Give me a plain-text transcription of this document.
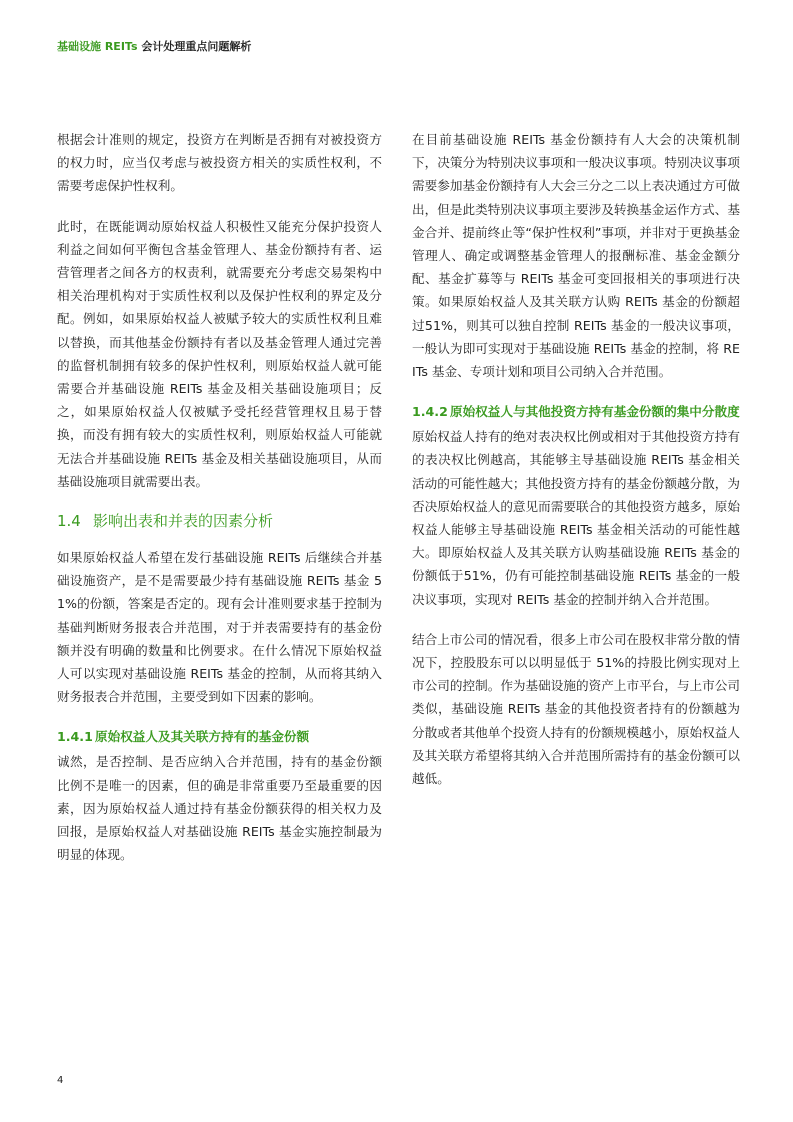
基础设施 REITs 会计处理重点问题解析

根据会计准则的规定，投资方在判断是否拥有对被投资方的权力时，应当仅考虑与被投资方相关的实质性权利，不需要考虑保护性权利。

此时，在既能调动原始权益人积极性又能充分保护投资人利益之间如何平衡包含基金管理人、基金份额持有者、运营管理者之间各方的权责利，就需要充分考虑交易架构中相关治理机构对于实质性权利以及保护性权利的界定及分配。例如，如果原始权益人被赋予较大的实质性权利且难以替换，而其他基金份额持有者以及基金管理人通过完善的监督机制拥有较多的保护性权利，则原始权益人就可能需要合并基础设施 REITs 基金及相关基础设施项目；反之，如果原始权益人仅被赋予受托经营管理权且易于替换，而没有拥有较大的实质性权利，则原始权益人可能就无法合并基础设施 REITs 基金及相关基础设施项目，从而基础设施项目就需要出表。

1.4 影响出表和并表的因素分析

如果原始权益人希望在发行基础设施 REITs 后继续合并基础设施资产，是不是需要最少持有基础设施 REITs 基金 51%的份额，答案是否定的。现有会计准则要求基于控制为基础判断财务报表合并范围，对于并表需要持有的基金份额并没有明确的数量和比例要求。在什么情况下原始权益人可以实现对基础设施 REITs 基金的控制，从而将其纳入财务报表合并范围，主要受到如下因素的影响。

1.4.1 原始权益人及其关联方持有的基金份额

诚然，是否控制、是否应纳入合并范围，持有的基金份额比例不是唯一的因素，但的确是非常重要乃至最重要的因素，因为原始权益人通过持有基金份额获得的相关权力及回报，是原始权益人对基础设施 REITs 基金实施控制最为明显的体现。

在目前基础设施 REITs 基金份额持有人大会的决策机制下，决策分为特别决议事项和一般决议事项。特别决议事项需要参加基金份额持有人大会三分之二以上表决通过方可做出，但是此类特别决议事项主要涉及转换基金运作方式、基金合并、提前终止等“保护性权利”事项，并非对于更换基金管理人、确定或调整基金管理人的报酬标准、基金金额分配、基金扩募等与 REITs 基金可变回报相关的事项进行决策。如果原始权益人及其关联方认购 REITs 基金的份额超过51%，则其可以独自控制 REITs 基金的一般决议事项，一般认为即可实现对于基础设施 REITs 基金的控制，将 REITs 基金、专项计划和项目公司纳入合并范围。

1.4.2 原始权益人与其他投资方持有基金份额的集中分散度

原始权益人持有的绝对表决权比例或相对于其他投资方持有的表决权比例越高，其能够主导基础设施 REITs 基金相关活动的可能性越大；其他投资方持有的基金份额越分散，为否决原始权益人的意见而需要联合的其他投资方越多，原始权益人能够主导基础设施 REITs 基金相关活动的可能性越大。即原始权益人及其关联方认购基础设施 REITs 基金的份额低于51%，仍有可能控制基础设施 REITs 基金的一般决议事项，实现对 REITs 基金的控制并纳入合并范围。

结合上市公司的情况看，很多上市公司在股权非常分散的情况下，控股股东可以以明显低于 51%的持股比例实现对上市公司的控制。作为基础设施的资产上市平台，与上市公司类似，基础设施 REITs 基金的其他投资者持有的份额越为分散或者其他单个投资人持有的份额规模越小，原始权益人及其关联方希望将其纳入合并范围所需持有的基金份额可以越低。

4
